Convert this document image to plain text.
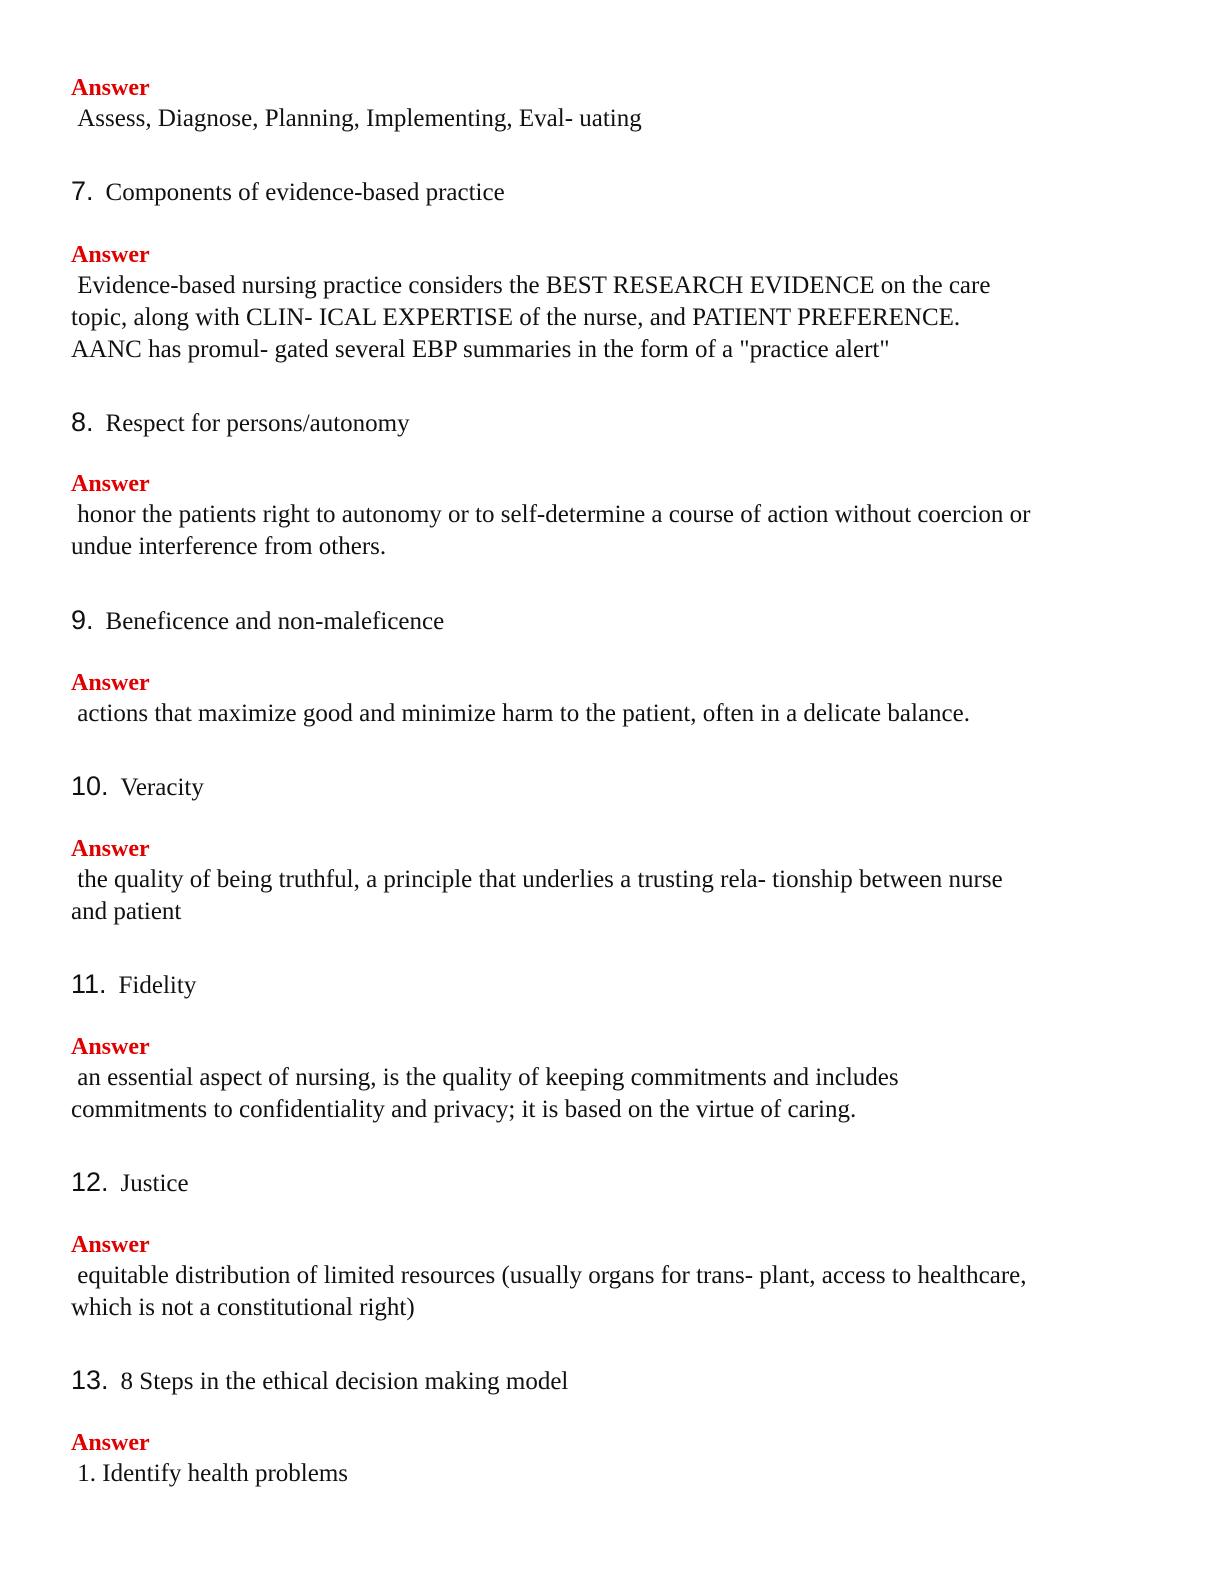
Answer
Assess, Diagnose, Planning, Implementing, Eval- uating
7. Components of evidence-based practice
Answer
Evidence-based nursing practice considers the BEST RESEARCH EVIDENCE on the care
topic, along with CLIN- ICAL EXPERTISE of the nurse, and PATIENT PREFERENCE.
AANC has promul- gated several EBP summaries in the form of a "practice alert"
8. Respect for persons/autonomy
Answer
honor the patients right to autonomy or to self-determine a course of action without coercion or
undue interference from others.
9. Beneficence and non-maleficence
Answer
actions that maximize good and minimize harm to the patient, often in a delicate balance.
10. Veracity
Answer
the quality of being truthful, a principle that underlies a trusting rela- tionship between nurse
and patient
11. Fidelity
Answer
an essential aspect of nursing, is the quality of keeping commitments and includes
commitments to confidentiality and privacy; it is based on the virtue of caring.
12. Justice
Answer
equitable distribution of limited resources (usually organs for trans- plant, access to healthcare,
which is not a constitutional right)
13. 8 Steps in the ethical decision making model
Answer
1. Identify health problems
